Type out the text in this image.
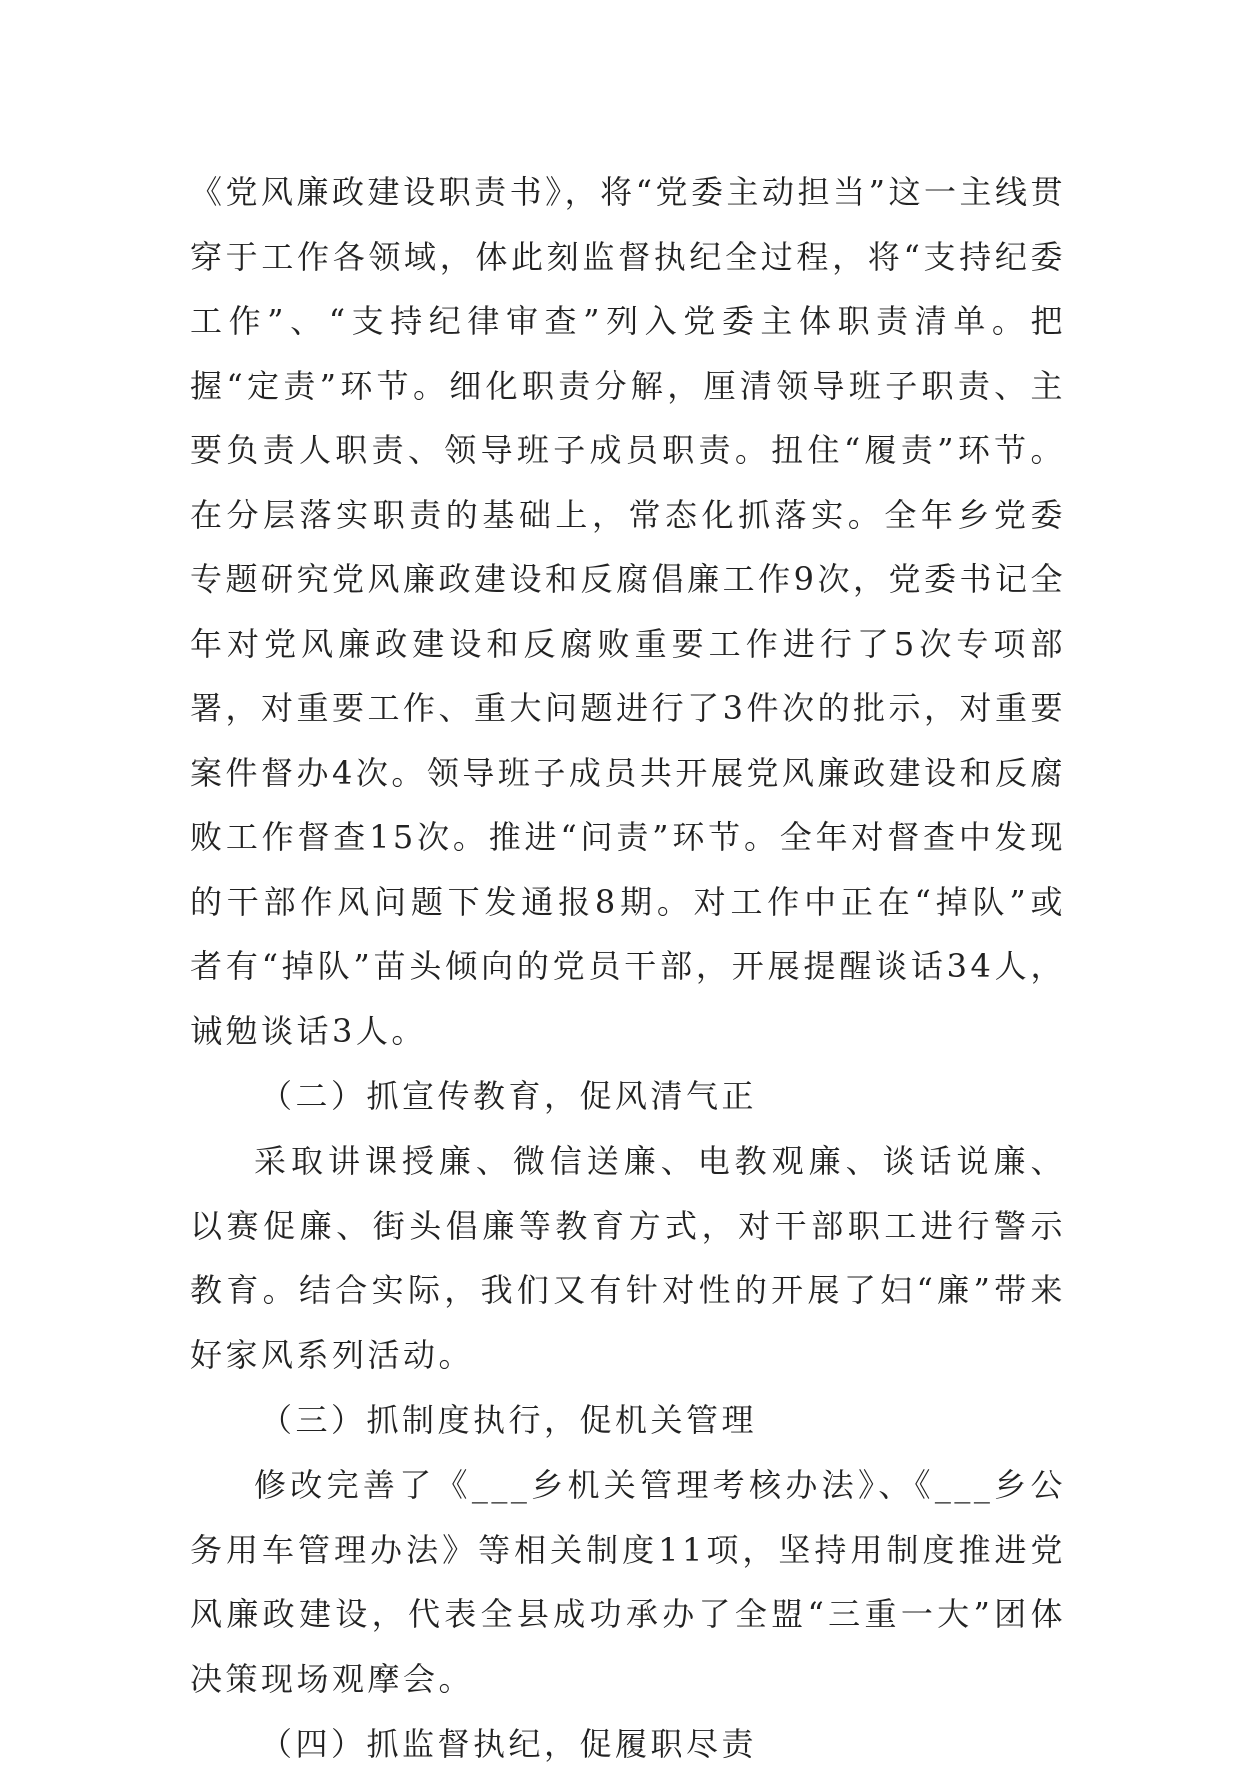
《党风廉政建设职责书》，将“党委主动担当”这一主线贯穿于工作各领域，体此刻监督执纪全过程，将“支持纪委工作”、“支持纪律审查”列入党委主体职责清单。把握“定责”环节。细化职责分解，厘清领导班子职责、主要负责人职责、领导班子成员职责。扭住“履责”环节。在分层落实职责的基础上，常态化抓落实。全年乡党委专题研究党风廉政建设和反腐倡廉工作9次，党委书记全年对党风廉政建设和反腐败重要工作进行了5次专项部署，对重要工作、重大问题进行了3件次的批示，对重要案件督办4次。领导班子成员共开展党风廉政建设和反腐败工作督查15次。推进“问责”环节。全年对督查中发现的干部作风问题下发通报8期。对工作中正在“掉队”或者有“掉队”苗头倾向的党员干部，开展提醒谈话34人，诫勉谈话3人。

（二）抓宣传教育，促风清气正

采取讲课授廉、微信送廉、电教观廉、谈话说廉、以赛促廉、街头倡廉等教育方式，对干部职工进行警示教育。结合实际，我们又有针对性的开展了妇“廉”带来好家风系列活动。

（三）抓制度执行，促机关管理

修改完善了《___乡机关管理考核办法》、《___乡公务用车管理办法》等相关制度11项，坚持用制度推进党风廉政建设，代表全县成功承办了全盟“三重一大”团体决策现场观摩会。

（四）抓监督执纪，促履职尽责
